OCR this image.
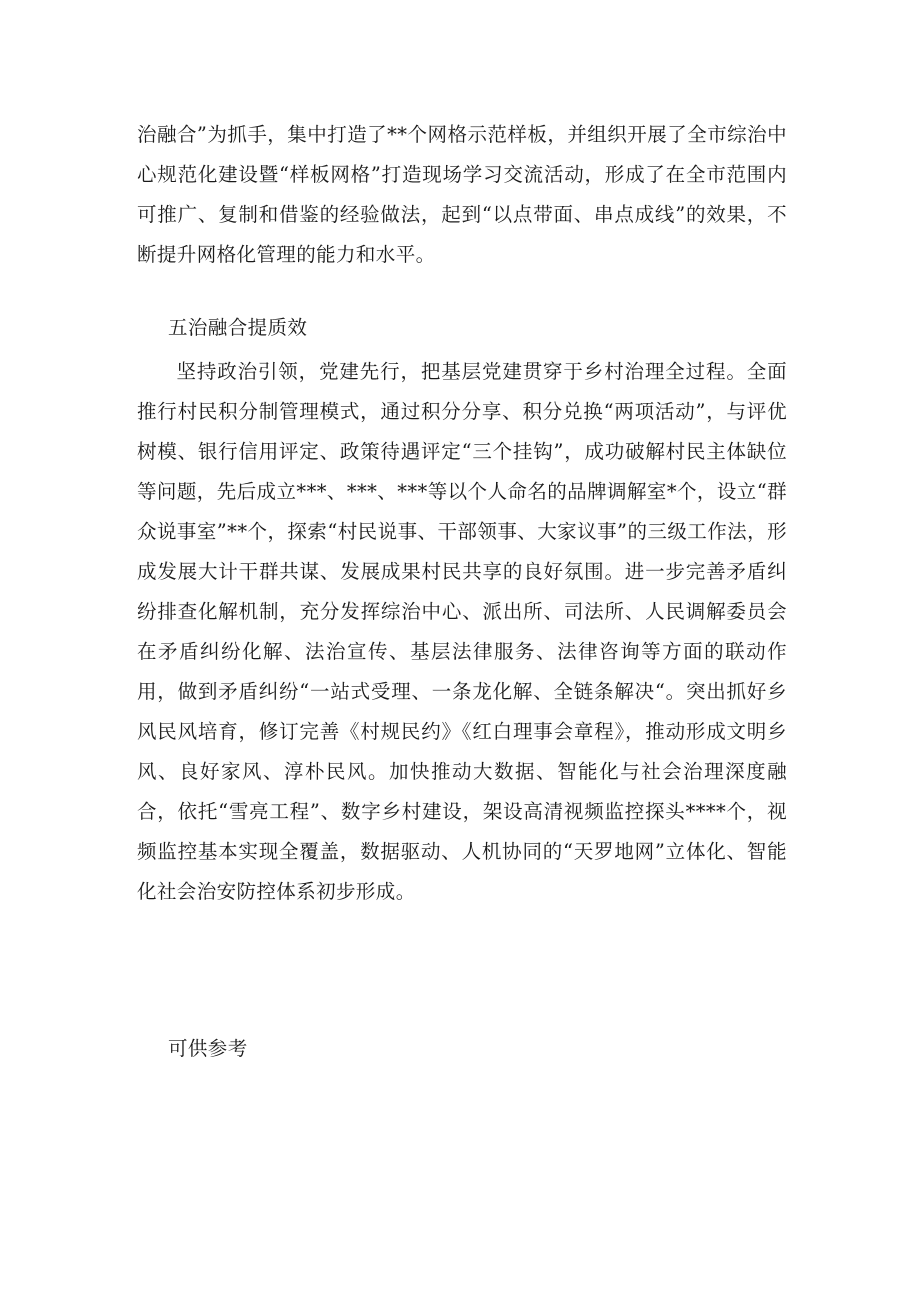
治融合”为抓手，集中打造了**个网格示范样板，并组织开展了全市综治中心规范化建设暨“样板网格”打造现场学习交流活动，形成了在全市范围内可推广、复制和借鉴的经验做法，起到“以点带面、串点成线”的效果，不断提升网格化管理的能力和水平。
五治融合提质效
坚持政治引领，党建先行，把基层党建贯穿于乡村治理全过程。全面推行村民积分制管理模式，通过积分分享、积分兑换“两项活动”，与评优树模、银行信用评定、政策待遇评定“三个挂钩”，成功破解村民主体缺位等问题，先后成立***、***、***等以个人命名的品牌调解室*个，设立“群众说事室”**个，探索“村民说事、干部领事、大家议事”的三级工作法，形成发展大计干群共谋、发展成果村民共享的良好氛围。进一步完善矛盾纠纷排查化解机制，充分发挥综治中心、派出所、司法所、人民调解委员会在矛盾纠纷化解、法治宣传、基层法律服务、法律咨询等方面的联动作用，做到矛盾纠纷“一站式受理、一条龙化解、全链条解决“。突出抓好乡风民风培育，修订完善《村规民约》《红白理事会章程》，推动形成文明乡风、良好家风、淳朴民风。加快推动大数据、智能化与社会治理深度融合，依托“雪亮工程”、数字乡村建设，架设高清视频监控探头****个，视频监控基本实现全覆盖，数据驱动、人机协同的“天罗地网”立体化、智能化社会治安防控体系初步形成。
可供参考
